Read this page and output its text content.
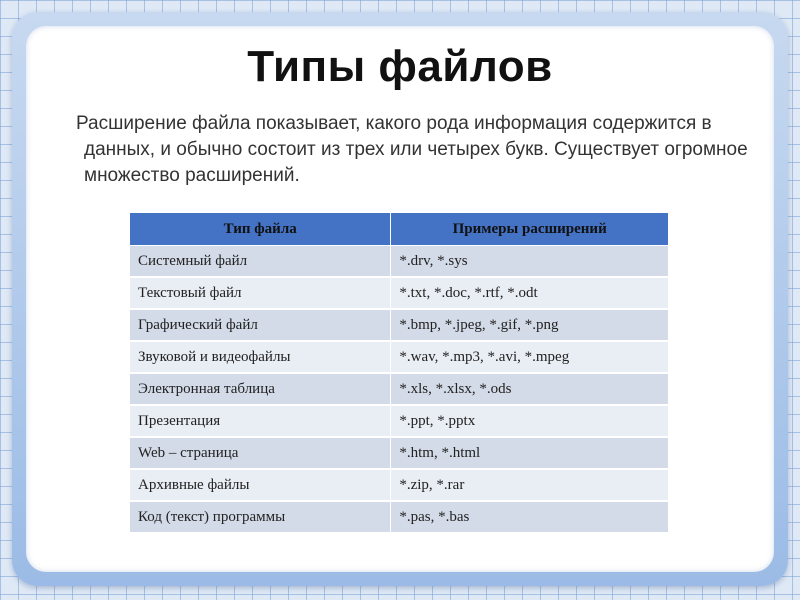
Типы файлов

Расширение файла показывает, какого рода информация содержится в данных, и обычно состоит из трех или четырех букв. Существует огромное множество расширений.

Тип файла	Примеры расширений
Системный файл	*.drv, *.sys
Текстовый файл	*.txt, *.doc, *.rtf, *.odt
Графический файл	*.bmp, *.jpeg, *.gif, *.png
Звуковой и видеофайлы	*.wav, *.mp3, *.avi, *.mpeg
Электронная таблица	*.xls, *.xlsx, *.ods
Презентация	*.ppt, *.pptx
Web – страница	*.htm, *.html
Архивные файлы	*.zip, *.rar
Код (текст) программы	*.pas, *.bas
